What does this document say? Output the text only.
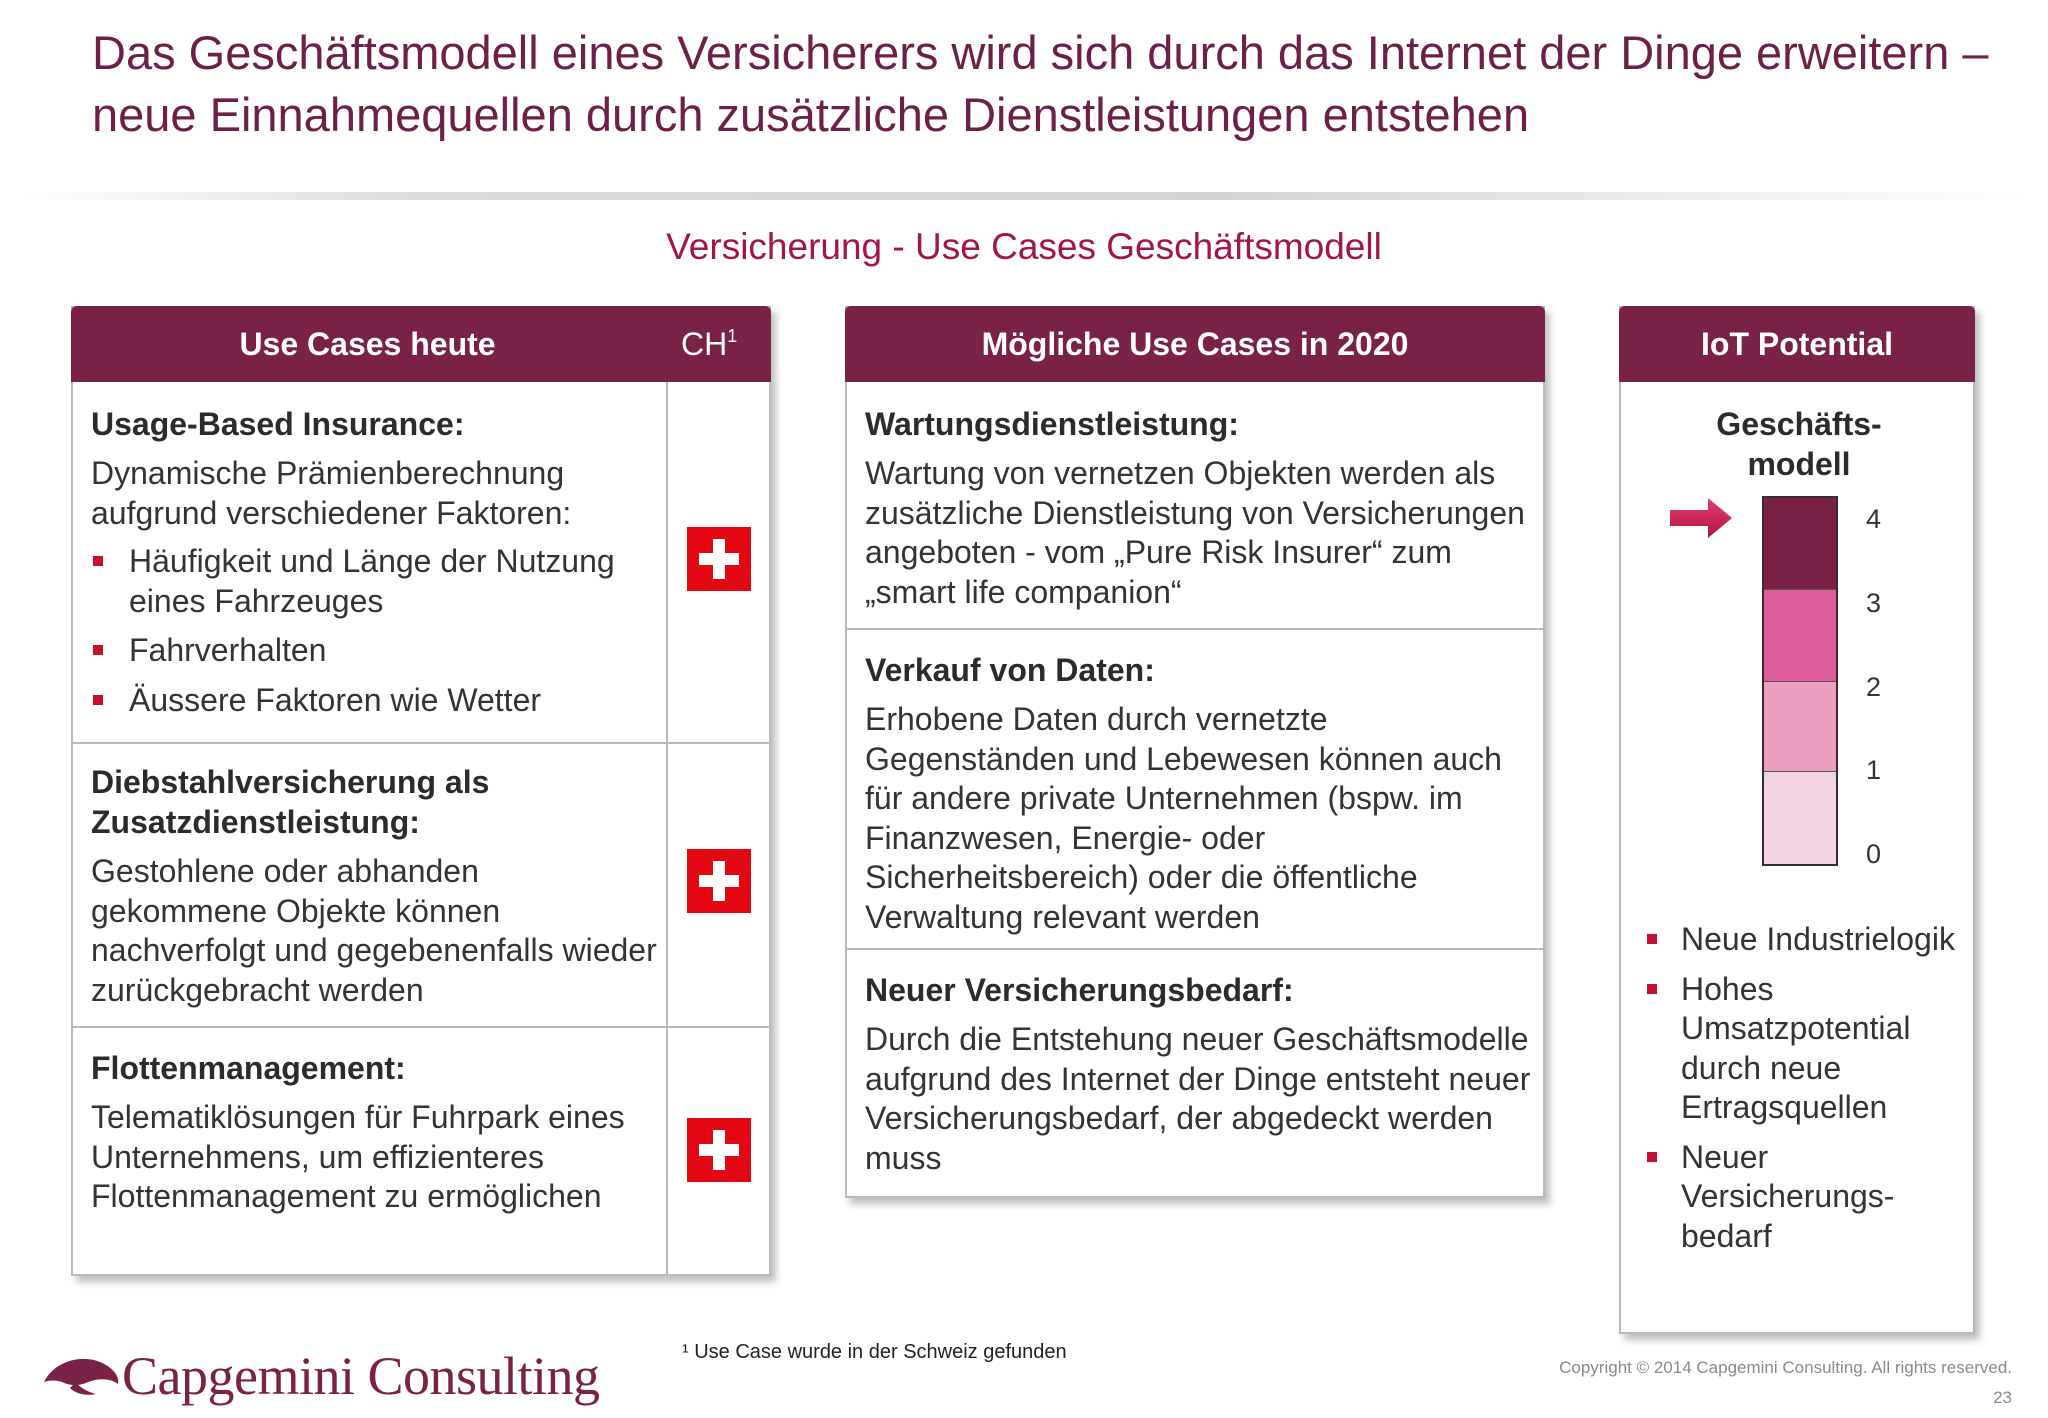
Das Geschäftsmodell eines Versicherers wird sich durch das Internet der Dinge erweitern – neue Einnahmequellen durch zusätzliche Dienstleistungen entstehen
Versicherung - Use Cases Geschäftsmodell
Use Cases heute	$CH^1$
Usage-Based Insurance:

Dynamische Prämienberechnung aufgrund verschiedener Faktoren:

Häufigkeit und Länge der Nutzung eines Fahrzeuges
Fahrverhalten
Äussere Faktoren wie Wetter
Diebstahlversicherung als Zusatzdienstleistung:

Gestohlene oder abhanden gekommene Objekte können nachverfolgt und gegebenenfalls wieder zurückgebracht werden

Flottenmanagement:

Telematiklösungen für Fuhrpark eines Unternehmens, um effizienteres Flottenmanagement zu ermöglichen

Mögliche Use Cases in 2020
Wartungsdienstleistung:

Wartung von vernetzen Objekten werden als zusätzliche Dienstleistung von Versicherungen angeboten - vom „Pure Risk Insurer“ zum „smart life companion“

Verkauf von Daten:

Erhobene Daten durch vernetzte Gegenständen und Lebewesen können auch für andere private Unternehmen (bspw. im Finanzwesen, Energie- oder Sicherheitsbereich) oder die öffentliche Verwaltung relevant werden

Neuer Versicherungsbedarf:

Durch die Entstehung neuer Geschäftsmodelle aufgrund des Internet der Dinge entsteht neuer Versicherungsbedarf, der abgedeckt werden muss

IoT Potential
Geschäfts-
modell
4
3
2
1
0
Neue Industrielogik
Hohes Umsatzpotential durch neue Ertragsquellen
Neuer Versicherungs-bedarf
¹ Use Case wurde in der Schweiz gefunden
Capgemini Consulting	Copyright © 2014 Capgemini Consulting. All rights reserved.
23
